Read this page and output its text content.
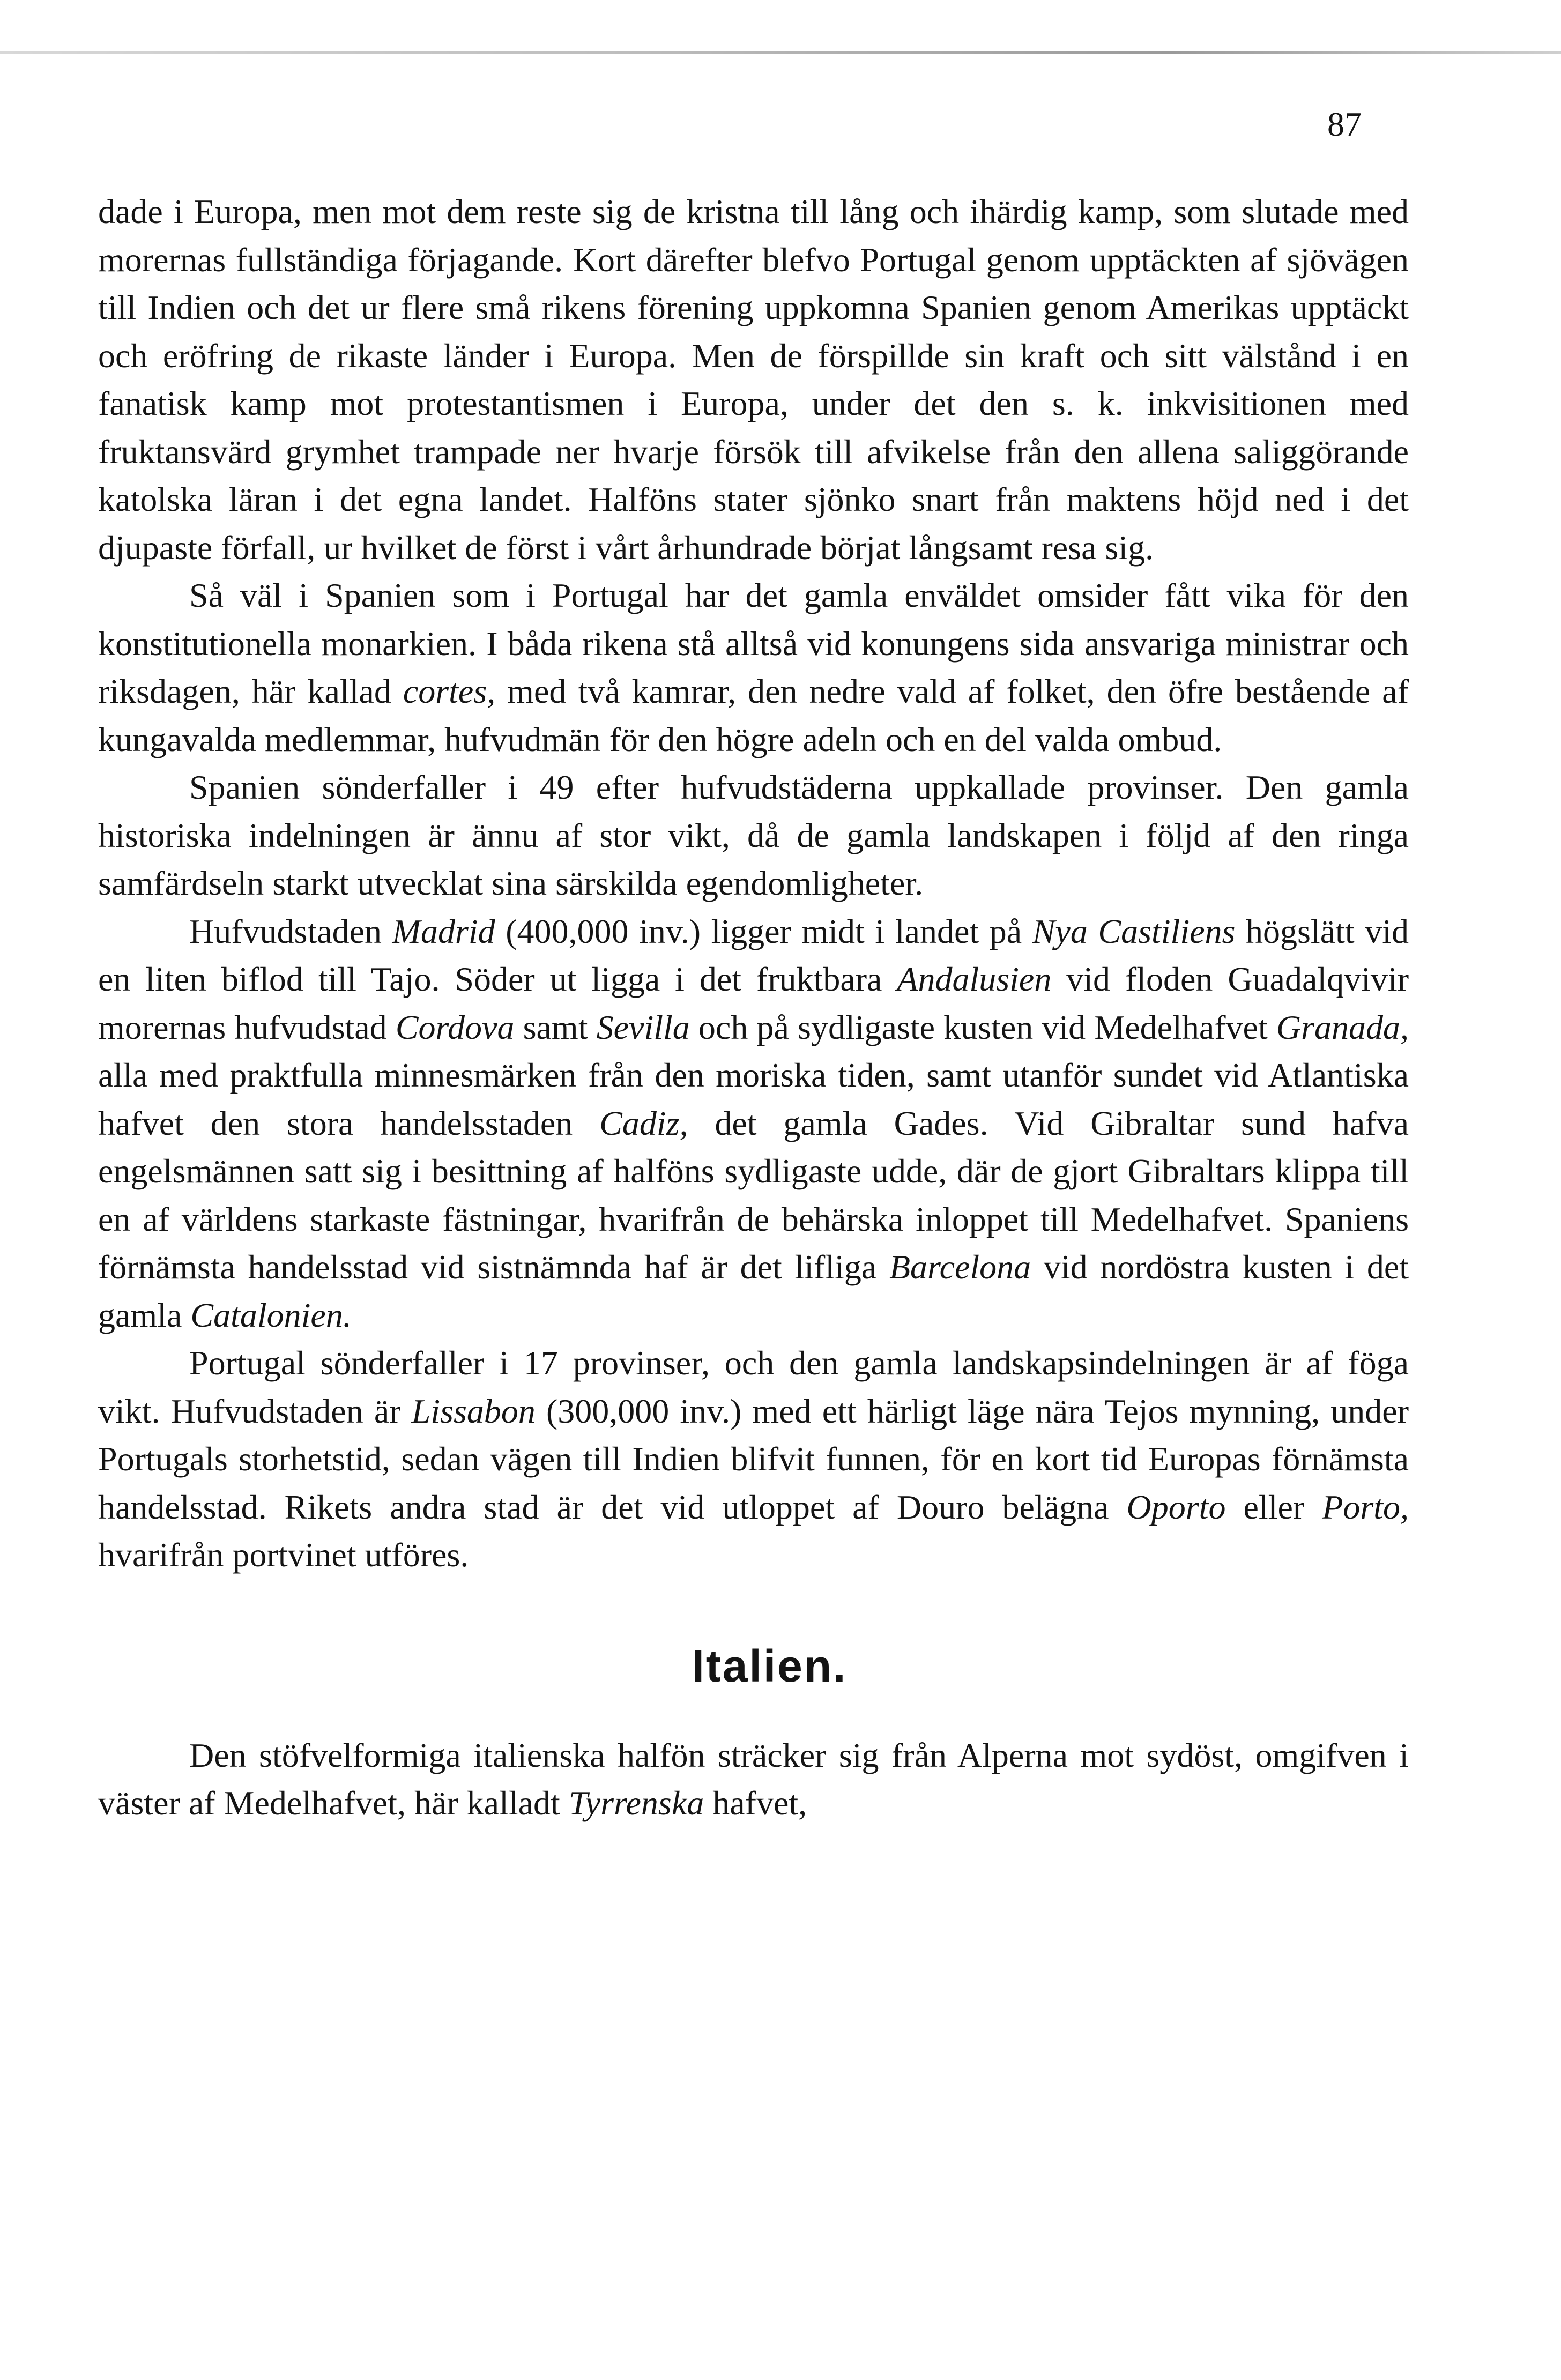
87

dade i Europa, men mot dem reste sig de kristna till lång och ihärdig kamp, som slutade med morernas fullständiga förjagande. Kort därefter blefvo Portugal genom upptäckten af sjövägen till Indien och det ur flere små rikens förening uppkomna Spanien genom Amerikas upptäckt och eröfring de rikaste länder i Europa. Men de förspillde sin kraft och sitt välstånd i en fanatisk kamp mot protestantismen i Europa, under det den s. k. inkvisitionen med fruktansvärd grymhet trampade ner hvarje försök till afvikelse från den allena saliggörande katolska läran i det egna landet. Halföns stater sjönko snart från maktens höjd ned i det djupaste förfall, ur hvilket de först i vårt århundrade börjat långsamt resa sig.

Så väl i Spanien som i Portugal har det gamla enväldet omsider fått vika för den konstitutionella monarkien. I båda rikena stå alltså vid konungens sida ansvariga ministrar och riksdagen, här kallad cortes, med två kamrar, den nedre vald af folket, den öfre bestående af kungavalda medlemmar, hufvudmän för den högre adeln och en del valda ombud.

Spanien sönderfaller i 49 efter hufvudstäderna uppkallade provinser. Den gamla historiska indelningen är ännu af stor vikt, då de gamla landskapen i följd af den ringa samfärdseln starkt utvecklat sina särskilda egendomligheter.

Hufvudstaden Madrid (400,000 inv.) ligger midt i landet på Nya Castiliens högslätt vid en liten biflod till Tajo. Söder ut ligga i det fruktbara Andalusien vid floden Guadalqvivir morernas hufvudstad Cordova samt Sevilla och på sydligaste kusten vid Medelhafvet Granada, alla med praktfulla minnesmärken från den moriska tiden, samt utanför sundet vid Atlantiska hafvet den stora handelsstaden Cadiz, det gamla Gades. Vid Gibraltar sund hafva engelsmännen satt sig i besittning af halföns sydligaste udde, där de gjort Gibraltars klippa till en af världens starkaste fästningar, hvarifrån de behärska inloppet till Medelhafvet. Spaniens förnämsta handelsstad vid sistnämnda haf är det lifliga Barcelona vid nordöstra kusten i det gamla Catalonien.

Portugal sönderfaller i 17 provinser, och den gamla landskapsindelningen är af föga vikt. Hufvudstaden är Lissabon (300,000 inv.) med ett härligt läge nära Tejos mynning, under Portugals storhetstid, sedan vägen till Indien blifvit funnen, för en kort tid Europas förnämsta handelsstad. Rikets andra stad är det vid utloppet af Douro belägna Oporto eller Porto, hvarifrån portvinet utföres.

Italien.

Den stöfvelformiga italienska halfön sträcker sig från Alperna mot sydöst, omgifven i väster af Medelhafvet, här kalladt Tyrrenska hafvet,
